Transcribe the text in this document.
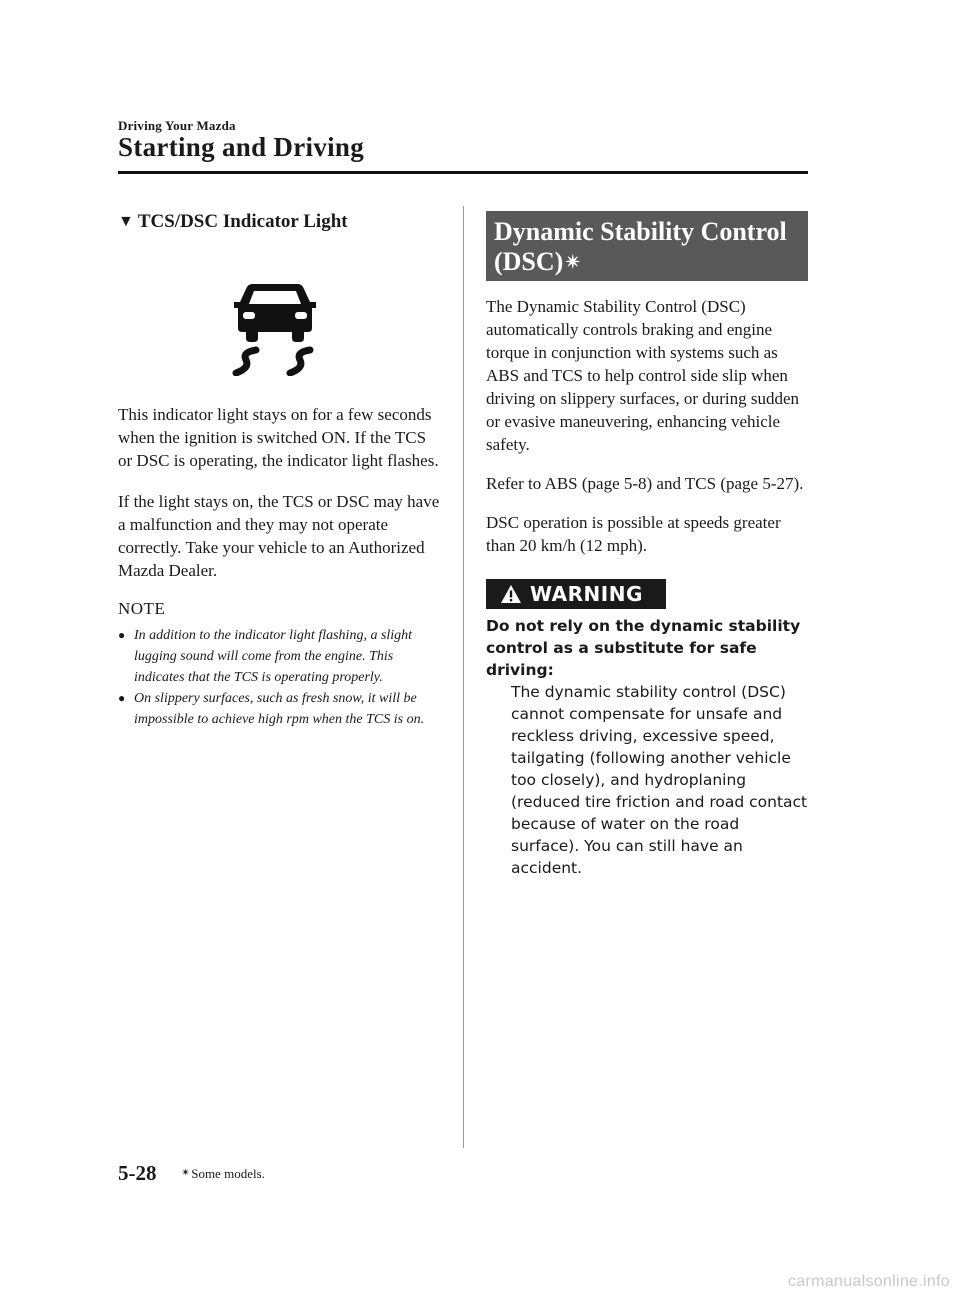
Driving Your Mazda
Starting and Driving
▼ TCS/DSC Indicator Light

This indicator light stays on for a few seconds when the ignition is switched ON. If the TCS or DSC is operating, the indicator light flashes.

If the light stays on, the TCS or DSC may have a malfunction and they may not operate correctly. Take your vehicle to an Authorized Mazda Dealer.

NOTE
● In addition to the indicator light flashing, a slight lugging sound will come from the engine. This indicates that the TCS is operating properly.
● On slippery surfaces, such as fresh snow, it will be impossible to achieve high rpm when the TCS is on.
Dynamic Stability Control
(DSC) ✴

The Dynamic Stability Control (DSC) automatically controls braking and engine torque in conjunction with systems such as ABS and TCS to help control side slip when driving on slippery surfaces, or during sudden or evasive maneuvering, enhancing vehicle safety.

Refer to ABS (page 5-8) and TCS (page 5-27).

DSC operation is possible at speeds greater than 20 km/h (12 mph).

WARNING

Do not rely on the dynamic stability control as a substitute for safe driving:

The dynamic stability control (DSC) cannot compensate for unsafe and reckless driving, excessive speed, tailgating (following another vehicle too closely), and hydroplaning (reduced tire friction and road contact because of water on the road surface). You can still have an accident.

5-28 ✴Some models.
carmanualsonline.info
